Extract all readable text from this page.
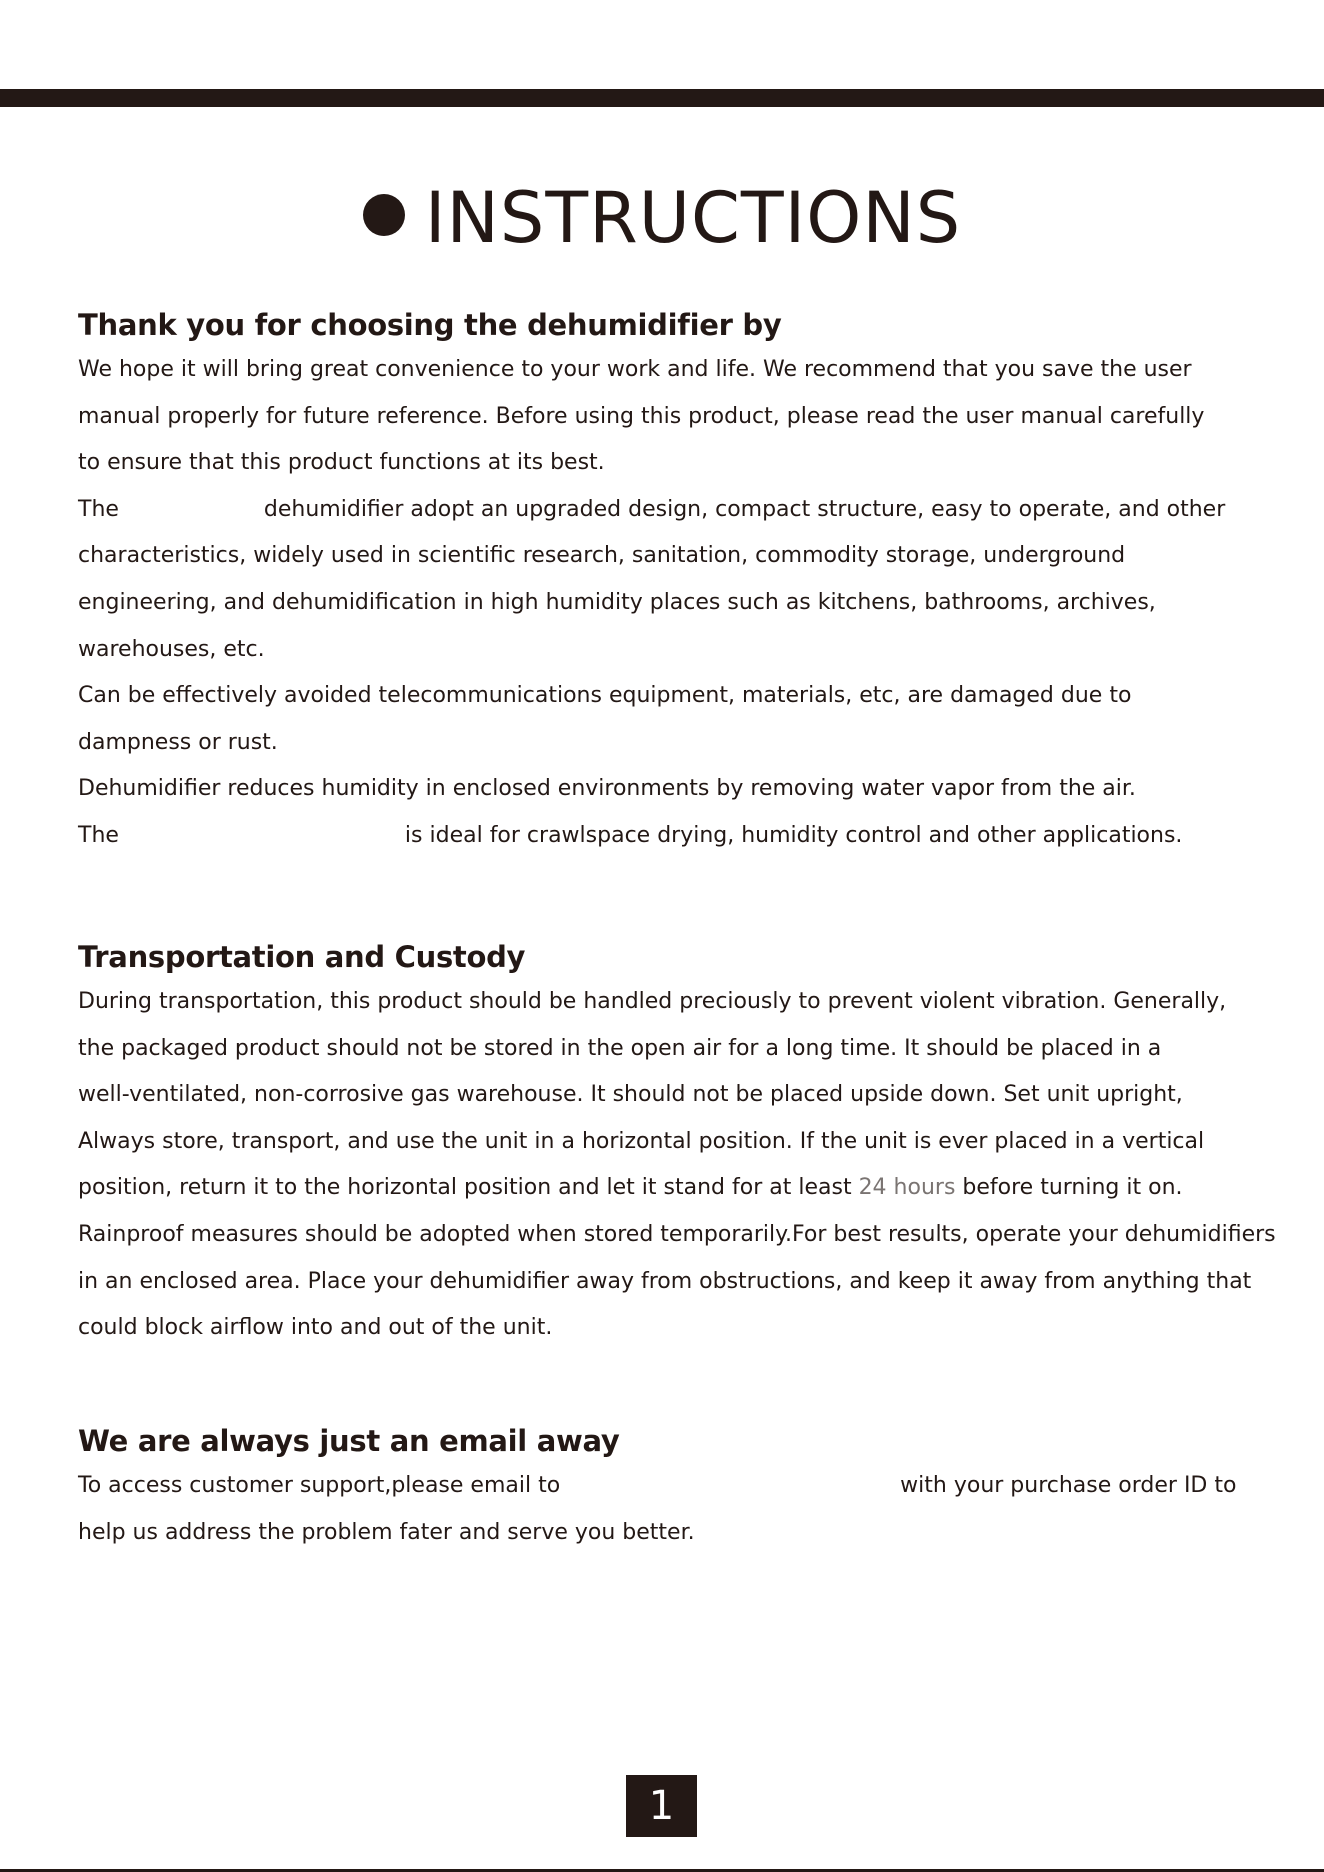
INSTRUCTIONS
Thank you for choosing the dehumidifier by

We hope it will bring great convenience to your work and life. We recommend that you save the user

manual properly for future reference. Before using this product, please read the user manual carefully

to ensure that this product functions at its best.

The	dehumidifier adopt an upgraded design, compact structure, easy to operate, and other

characteristics, widely used in scientific research, sanitation, commodity storage, underground

engineering, and dehumidification in high humidity places such as kitchens, bathrooms, archives,

warehouses, etc.

Can be effectively avoided telecommunications equipment, materials, etc, are damaged due to

dampness or rust.

Dehumidifier reduces humidity in enclosed environments by removing water vapor from the air.

The	is ideal for crawlspace drying, humidity control and other applications.

Transportation and Custody

During transportation, this product should be handled preciously to prevent violent vibration. Generally,

the packaged product should not be stored in the open air for a long time. It should be placed in a

well-ventilated, non-corrosive gas warehouse. It should not be placed upside down. Set unit upright,

Always store, transport, and use the unit in a horizontal position. If the unit is ever placed in a vertical

position, return it to the horizontal position and let it stand for at least 24 hours before turning it on.

Rainproof measures should be adopted when stored temporarily.For best results, operate your dehumidifiers

in an enclosed area. Place your dehumidifier away from obstructions, and keep it away from anything that

could block airflow into and out of the unit.

We are always just an email away

To access customer support,please email to	with your purchase order ID to

help us address the problem fater and serve you better.

1
